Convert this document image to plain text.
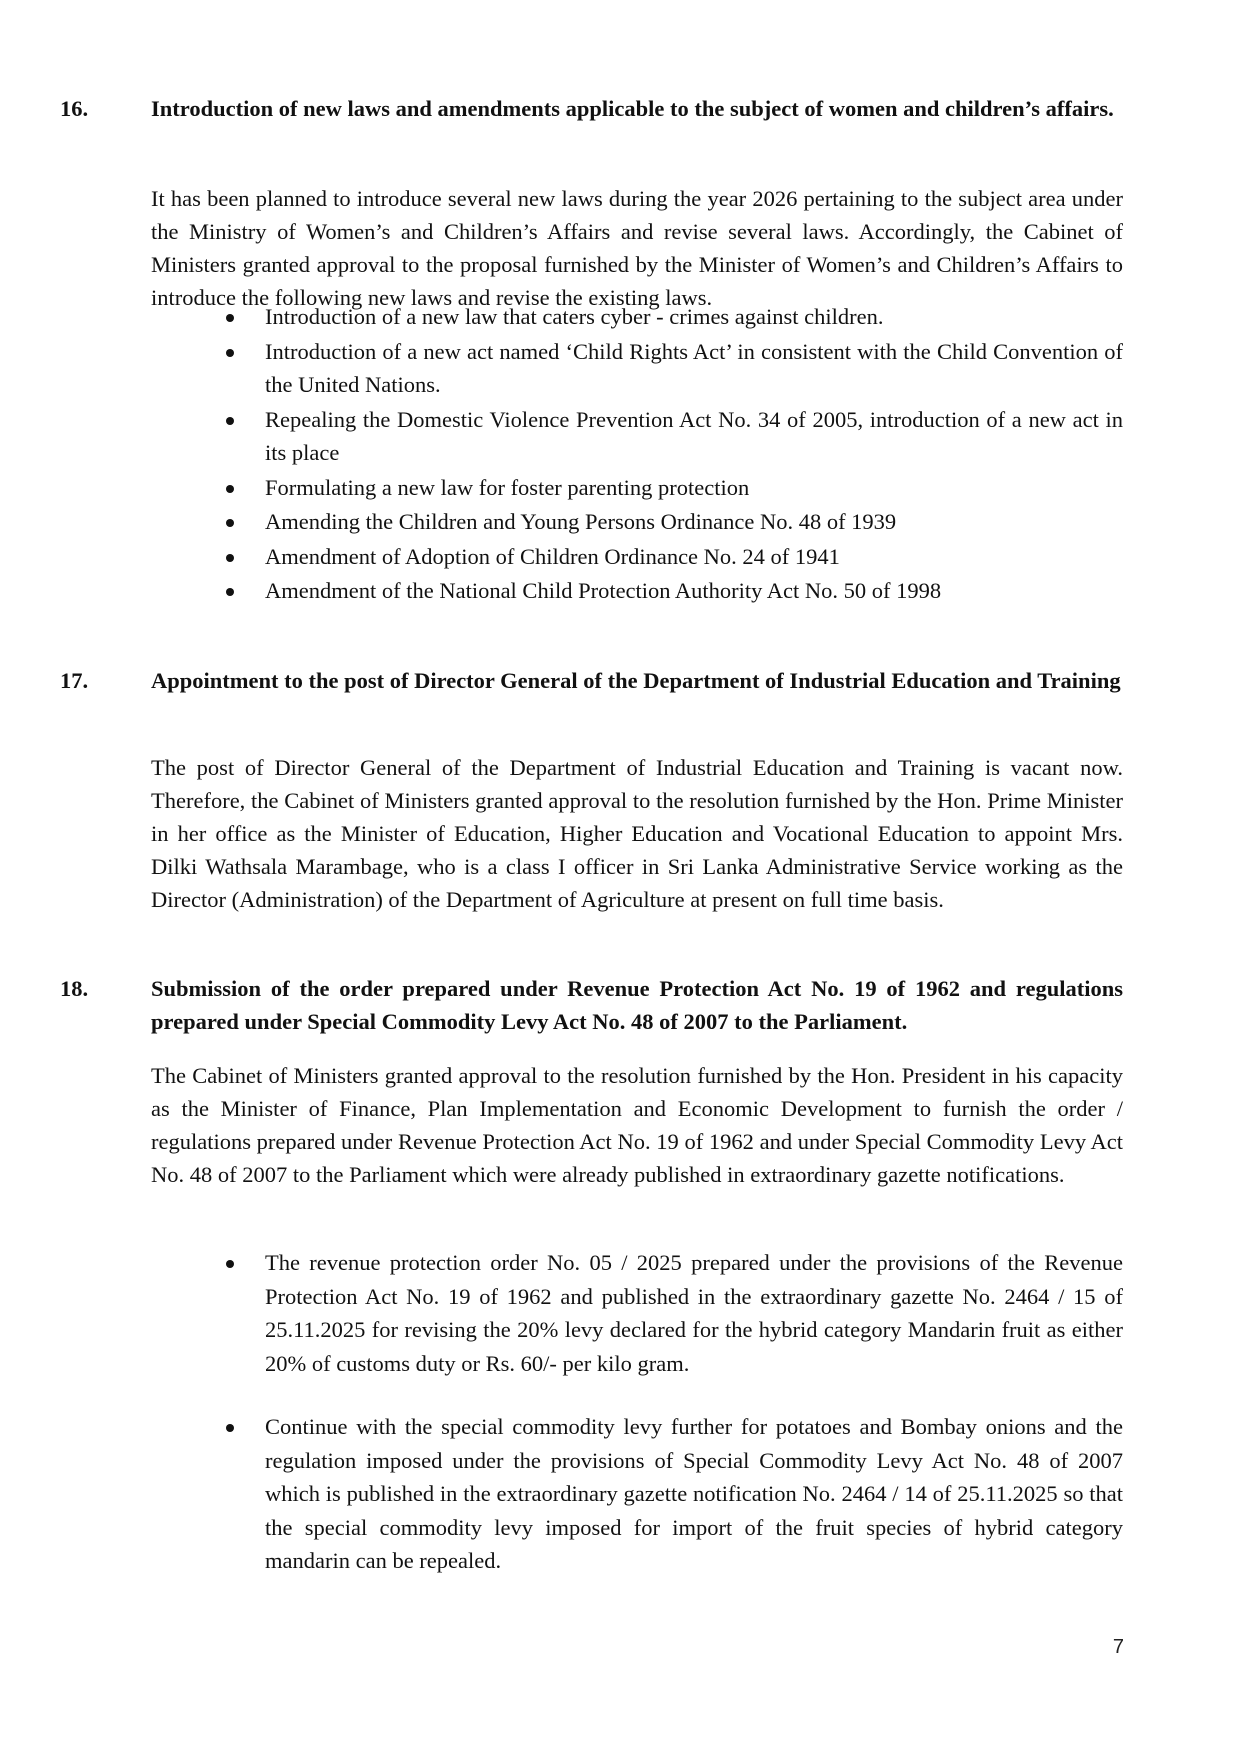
16.	Introduction of new laws and amendments applicable to the subject of women and children’s affairs.

It has been planned to introduce several new laws during the year 2026 pertaining to the subject area under the Ministry of Women’s and Children’s Affairs and revise several laws. Accordingly, the Cabinet of Ministers granted approval to the proposal furnished by the Minister of Women’s and Children’s Affairs to introduce the following new laws and revise the existing laws.

Introduction of a new law that caters cyber - crimes against children.
Introduction of a new act named ‘Child Rights Act’ in consistent with the Child Convention of the United Nations.
Repealing the Domestic Violence Prevention Act No. 34 of 2005, introduction of a new act in its place
Formulating a new law for foster parenting protection
Amending the Children and Young Persons Ordinance No. 48 of 1939
Amendment of Adoption of Children Ordinance No. 24 of 1941
Amendment of the National Child Protection Authority Act No. 50 of 1998
17.	Appointment to the post of Director General of the Department of Industrial Education and Training

The post of Director General of the Department of Industrial Education and Training is vacant now. Therefore, the Cabinet of Ministers granted approval to the resolution furnished by the Hon. Prime Minister in her office as the Minister of Education, Higher Education and Vocational Education to appoint Mrs. Dilki Wathsala Marambage, who is a class I officer in Sri Lanka Administrative Service working as the Director (Administration) of the Department of Agriculture at present on full time basis.

18.	Submission of the order prepared under Revenue Protection Act No. 19 of 1962 and regulations prepared under Special Commodity Levy Act No. 48 of 2007 to the Parliament.

The Cabinet of Ministers granted approval to the resolution furnished by the Hon. President in his capacity as the Minister of Finance, Plan Implementation and Economic Development to furnish the order / regulations prepared under Revenue Protection Act No. 19 of 1962 and under Special Commodity Levy Act No. 48 of 2007 to the Parliament which were already published in extraordinary gazette notifications.

The revenue protection order No. 05 / 2025 prepared under the provisions of the Revenue Protection Act No. 19 of 1962 and published in the extraordinary gazette No. 2464 / 15 of 25.11.2025 for revising the 20% levy declared for the hybrid category Mandarin fruit as either 20% of customs duty or Rs. 60/- per kilo gram.
Continue with the special commodity levy further for potatoes and Bombay onions and the regulation imposed under the provisions of Special Commodity Levy Act No. 48 of 2007 which is published in the extraordinary gazette notification No. 2464 / 14 of 25.11.2025 so that the special commodity levy imposed for import of the fruit species of hybrid category mandarin can be repealed.
7
